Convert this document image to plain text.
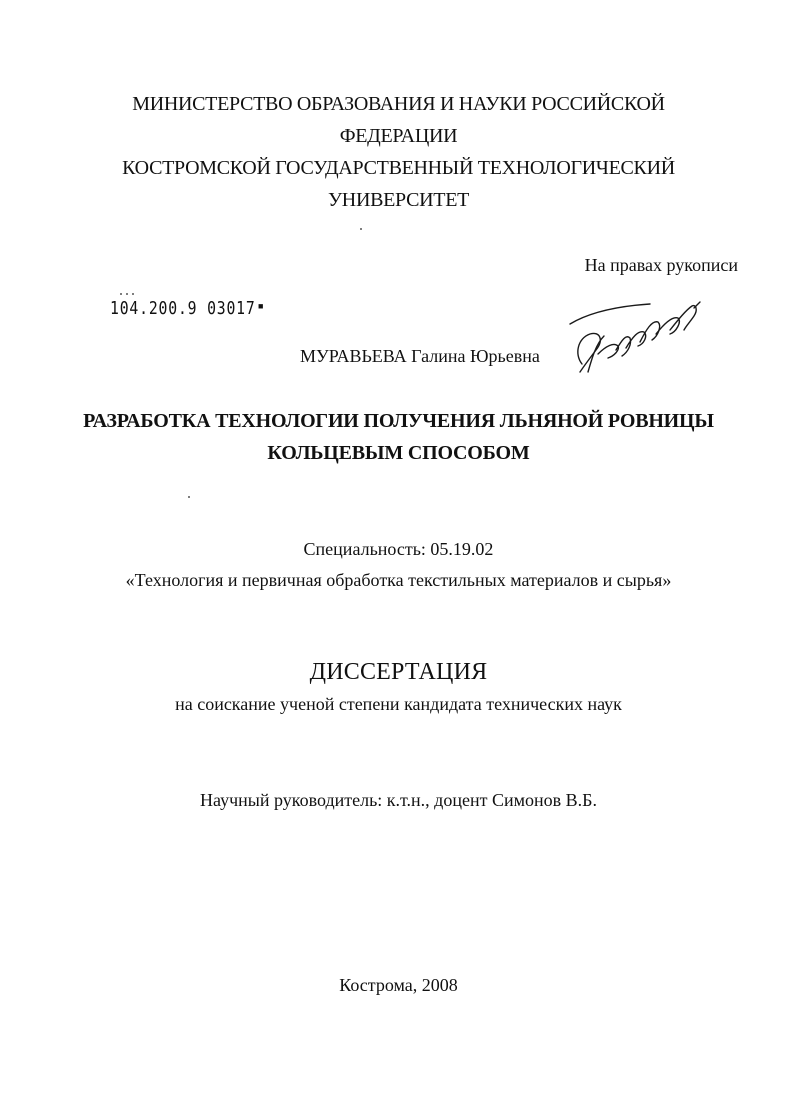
МИНИСТЕРСТВО ОБРАЗОВАНИЯ И НАУКИ РОССИЙСКОЙ
ФЕДЕРАЦИИ
КОСТРОМСКОЙ ГОСУДАРСТВЕННЫЙ ТЕХНОЛОГИЧЕСКИЙ
УНИВЕРСИТЕТ
На правах рукописи
104.200.9 03017 ■
МУРАВЬЕВА Галина Юрьевна
РАЗРАБОТКА ТЕХНОЛОГИИ ПОЛУЧЕНИЯ ЛЬНЯНОЙ РОВНИЦЫ
КОЛЬЦЕВЫМ СПОСОБОМ
Специальность: 05.19.02
«Технология и первичная обработка текстильных материалов и сырья»
ДИССЕРТАЦИЯ
на соискание ученой степени кандидата технических наук
Научный руководитель: к.т.н., доцент Симонов В.Б.
Кострома, 2008
